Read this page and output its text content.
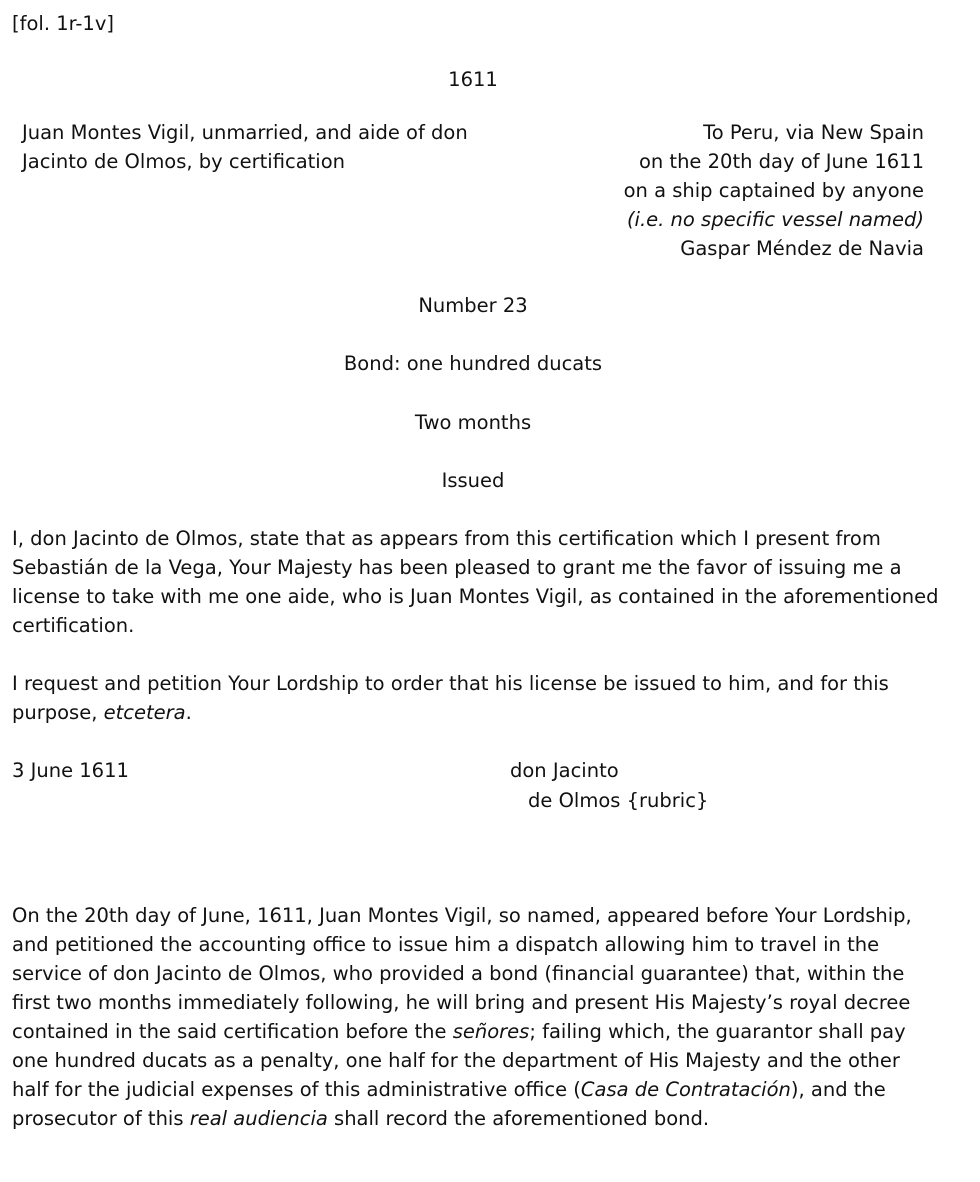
[fol. 1r-1v]
1611
Juan Montes Vigil, unmarried, and aide of don
Jacinto de Olmos, by certification
To Peru, via New Spain
on the 20th day of June 1611
on a ship captained by anyone
(i.e. no specific vessel named)
Gaspar Méndez de Navia
Number 23
Bond: one hundred ducats
Two months
Issued

I, don Jacinto de Olmos, state that as appears from this certification which I present from Sebastián de la Vega, Your Majesty has been pleased to grant me the favor of issuing me a license to take with me one aide, who is Juan Montes Vigil, as contained in the aforementioned certification.

I request and petition Your Lordship to order that his license be issued to him, and for this purpose, etcetera.

3 June 1611	don Jacinto
de Olmos {rubric}

On the 20th day of June, 1611, Juan Montes Vigil, so named, appeared before Your Lordship, and petitioned the accounting office to issue him a dispatch allowing him to travel in the service of don Jacinto de Olmos, who provided a bond (financial guarantee) that, within the first two months immediately following, he will bring and present His Majesty’s royal decree contained in the said certification before the señores; failing which, the guarantor shall pay one hundred ducats as a penalty, one half for the department of His Majesty and the other half for the judicial expenses of this administrative office (Casa de Contratación), and the prosecutor of this real audiencia shall record the aforementioned bond.
